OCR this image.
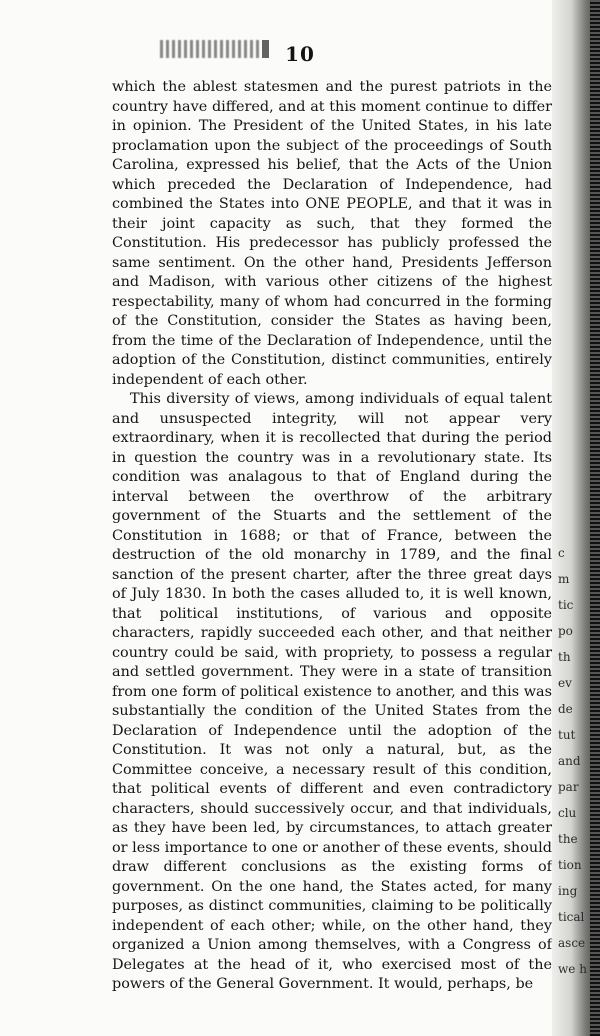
10

which the ablest statesmen and the purest patriots in the country have differed, and at this moment continue to differ in opinion. The President of the United States, in his late proclamation upon the subject of the proceedings of South Carolina, expressed his belief, that the Acts of the Union which preceded the Declaration of Independence, had combined the States into ONE PEOPLE, and that it was in their joint capacity as such, that they formed the Constitution. His predecessor has publicly professed the same sentiment. On the other hand, Presidents Jefferson and Madison, with various other citizens of the highest respectability, many of whom had concurred in the forming of the Constitution, consider the States as having been, from the time of the Declaration of Independence, until the adoption of the Constitution, distinct communities, entirely independent of each other.

This diversity of views, among individuals of equal talent and unsuspected integrity, will not appear very extraordinary, when it is recollected that during the period in question the country was in a revolutionary state. Its condition was analagous to that of England during the interval between the overthrow of the arbitrary government of the Stuarts and the settlement of the Constitution in 1688; or that of France, between the destruction of the old monarchy in 1789, and the final sanction of the present charter, after the three great days of July 1830. In both the cases alluded to, it is well known, that political institutions, of various and opposite characters, rapidly succeeded each other, and that neither country could be said, with propriety, to possess a regular and settled government. They were in a state of transition from one form of political existence to another, and this was substantially the condition of the United States from the Declaration of Independence until the adoption of the Constitution. It was not only a natural, but, as the Committee conceive, a necessary result of this condition, that political events of different and even contradictory characters, should successively occur, and that individuals, as they have been led, by circumstances, to attach greater or less importance to one or another of these events, should draw different conclusions as the existing forms of government. On the one hand, the States acted, for many purposes, as distinct communities, claiming to be politically independent of each other; while, on the other hand, they organized a Union among themselves, with a Congress of Delegates at the head of it, who exercised most of the powers of the General Government. It would, perhaps, be

c
m
tic
po
th
ev
de
tut
and
par
clu
the
tion
ing
tical
asce
we h
